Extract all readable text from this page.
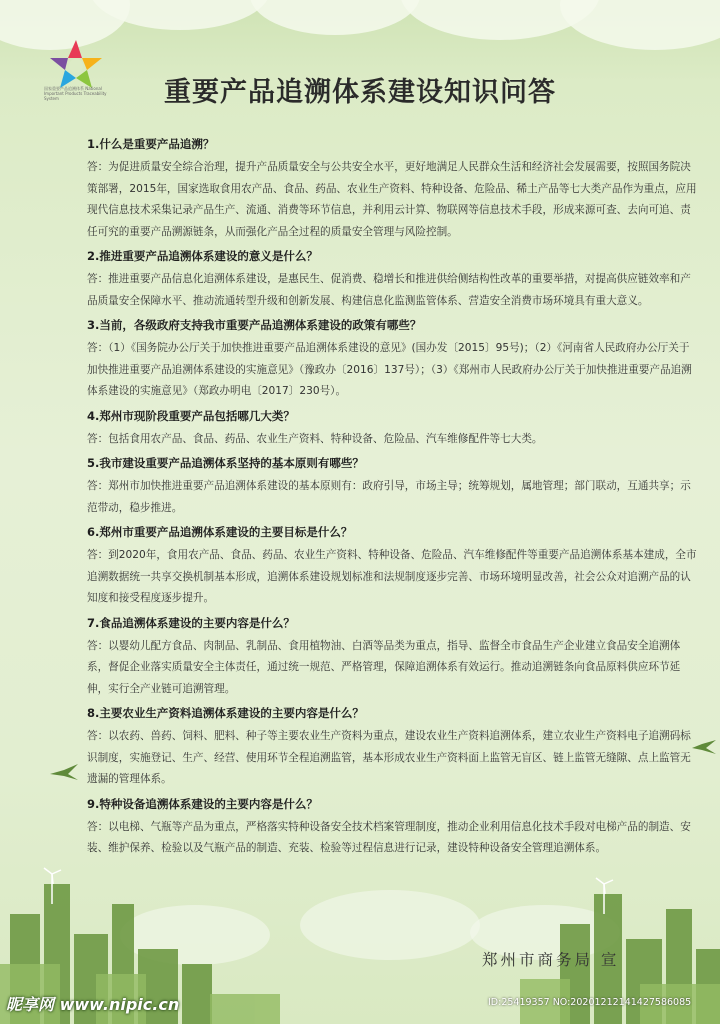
国家重要产品追溯体系 National Important Products Traceability System	重要产品追溯体系建设知识问答

1.什么是重要产品追溯？

答：为促进质量安全综合治理，提升产品质量安全与公共安全水平，更好地满足人民群众生活和经济社会发展需要，按照国务院决策部署，2015年，国家选取食用农产品、食品、药品、农业生产资料、特种设备、危险品、稀土产品等七大类产品作为重点，应用现代信息技术采集记录产品生产、流通、消费等环节信息，并利用云计算、物联网等信息技术手段，形成来源可查、去向可追、责任可究的重要产品溯源链条，从而强化产品全过程的质量安全管理与风险控制。

2.推进重要产品追溯体系建设的意义是什么？

答：推进重要产品信息化追溯体系建设，是惠民生、促消费、稳增长和推进供给侧结构性改革的重要举措，对提高供应链效率和产品质量安全保障水平、推动流通转型升级和创新发展、构建信息化监测监管体系、营造安全消费市场环境具有重大意义。

3.当前，各级政府支持我市重要产品追溯体系建设的政策有哪些？

答：（1）《国务院办公厅关于加快推进重要产品追溯体系建设的意见》(国办发〔2015〕95号)；（2）《河南省人民政府办公厅关于加快推进重要产品追溯体系建设的实施意见》（豫政办〔2016〕137号）；（3）《郑州市人民政府办公厅关于加快推进重要产品追溯体系建设的实施意见》（郑政办明电〔2017〕230号）。

4.郑州市现阶段重要产品包括哪几大类？

答：包括食用农产品、食品、药品、农业生产资料、特种设备、危险品、汽车维修配件等七大类。

5.我市建设重要产品追溯体系坚持的基本原则有哪些？

答：郑州市加快推进重要产品追溯体系建设的基本原则有：政府引导，市场主导；统筹规划，属地管理；部门联动，互通共享；示范带动，稳步推进。

6.郑州市重要产品追溯体系建设的主要目标是什么？

答：到2020年，食用农产品、食品、药品、农业生产资料、特种设备、危险品、汽车维修配件等重要产品追溯体系基本建成，全市追溯数据统一共享交换机制基本形成，追溯体系建设规划标准和法规制度逐步完善、市场环境明显改善，社会公众对追溯产品的认知度和接受程度逐步提升。

7.食品追溯体系建设的主要内容是什么？

答：以婴幼儿配方食品、肉制品、乳制品、食用植物油、白酒等品类为重点，指导、监督全市食品生产企业建立食品安全追溯体系，督促企业落实质量安全主体责任，通过统一规范、严格管理，保障追溯体系有效运行。推动追溯链条向食品原料供应环节延伸，实行全产业链可追溯管理。

8.主要农业生产资料追溯体系建设的主要内容是什么？

答：以农药、兽药、饲料、肥料、种子等主要农业生产资料为重点，建设农业生产资料追溯体系，建立农业生产资料电子追溯码标识制度，实施登记、生产、经营、使用环节全程追溯监管，基本形成农业生产资料面上监管无盲区、链上监管无缝隙、点上监管无遗漏的管理体系。

9.特种设备追溯体系建设的主要内容是什么？

答：以电梯、气瓶等产品为重点，严格落实特种设备安全技术档案管理制度，推动企业利用信息化技术手段对电梯产品的制造、安装、维护保养、检验以及气瓶产品的制造、充装、检验等过程信息进行记录，建设特种设备安全管理追溯体系。

郑州市商务局 宣
昵享网 www.nipic.cn	ID:25419357 NO:20201212141427586085
